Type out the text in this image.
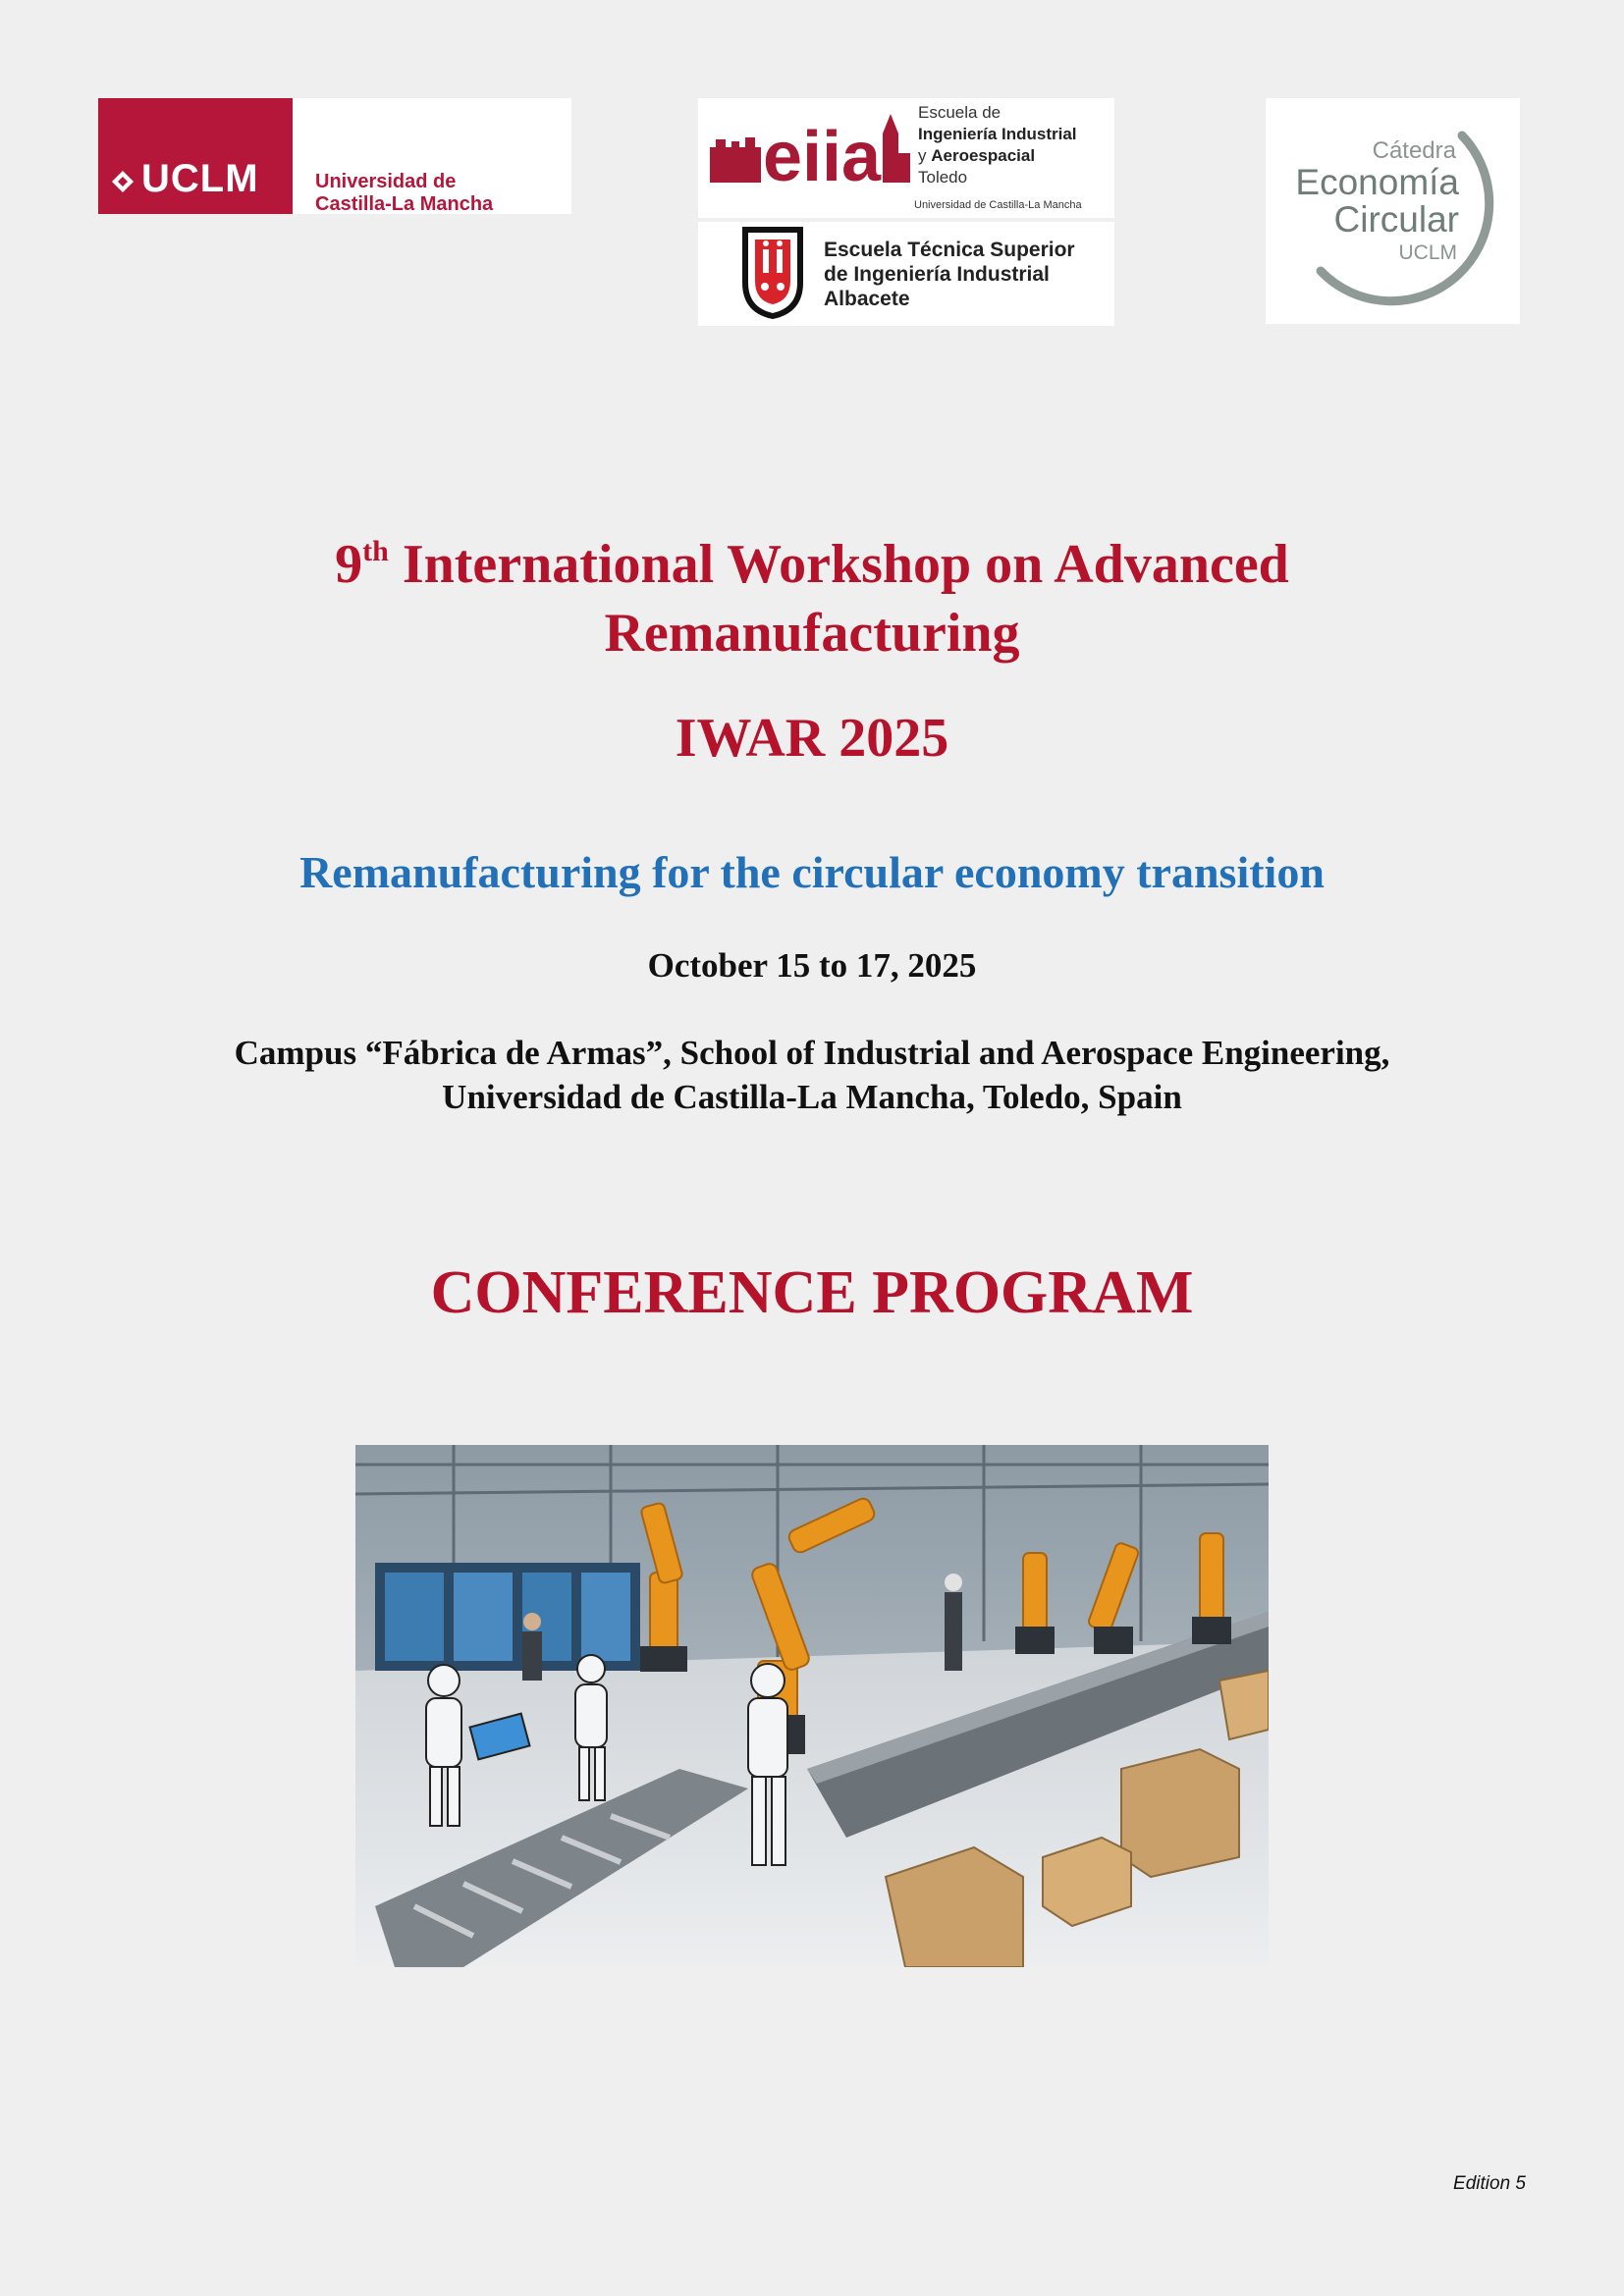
UCLM	Universidad de
Castilla-La Mancha
eiia
Escuela de
Ingeniería Industrial
y Aeroespacial
Toledo
Universidad de Castilla-La Mancha
Escuela Técnica Superior
de Ingeniería Industrial
Albacete
Cátedra
Economía
Circular
UCLM
9th International Workshop on Advanced
Remanufacturing
IWAR 2025
Remanufacturing for the circular economy transition
October 15 to 17, 2025
Campus “Fábrica de Armas”, School of Industrial and Aerospace Engineering,
Universidad de Castilla-La Mancha, Toledo, Spain
CONFERENCE PROGRAM
Edition 5
